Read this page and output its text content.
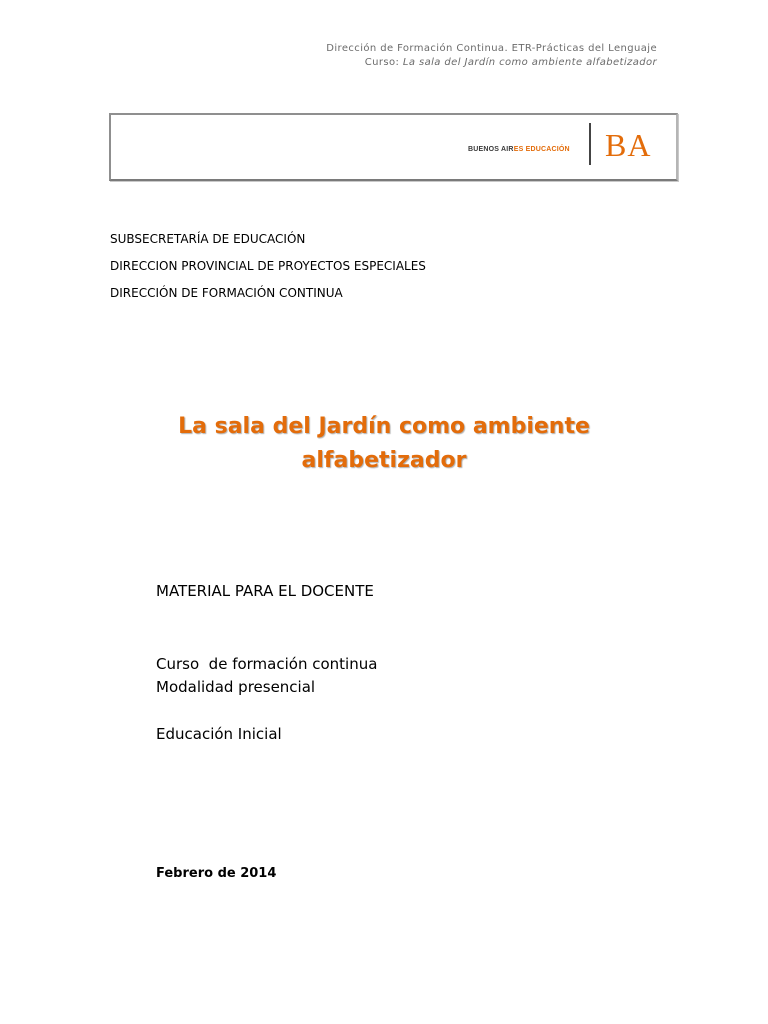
Dirección de Formación Continua. ETR-Prácticas del Lenguaje
Curso: La sala del Jardín como ambiente alfabetizador
BUENOS AIRES EDUCACIÓN BA
SUBSECRETARÍA DE EDUCACIÓN
DIRECCION PROVINCIAL DE PROYECTOS ESPECIALES
DIRECCIÓN DE FORMACIÓN CONTINUA
La sala del Jardín como ambiente
alfabetizador
MATERIAL PARA EL DOCENTE
Curso  de formación continua
Modalidad presencial
Educación Inicial
Febrero de 2014
